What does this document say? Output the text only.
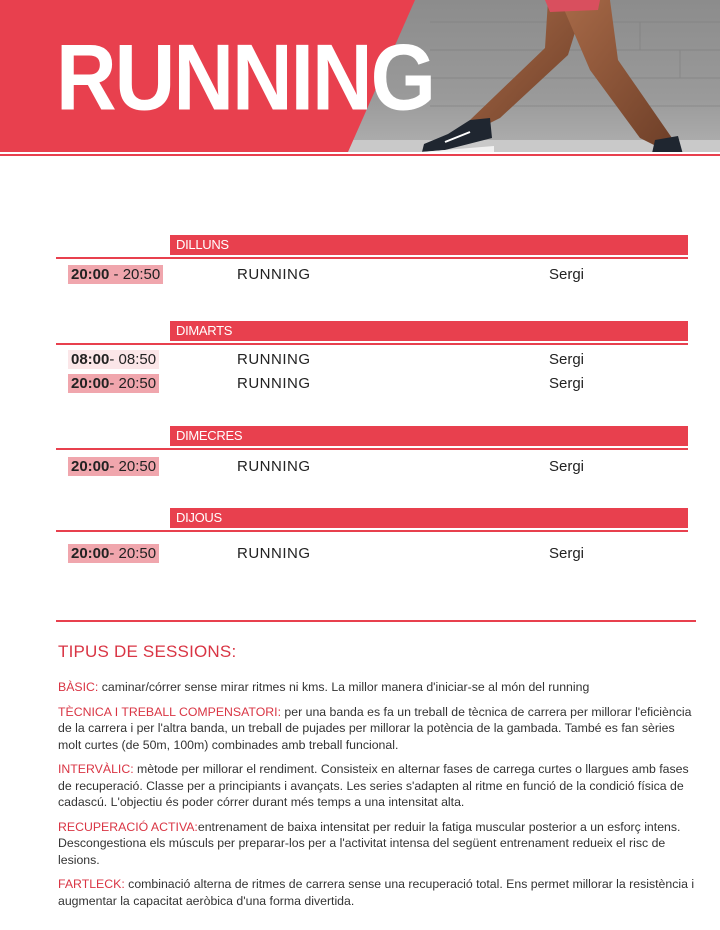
RUNNING
DILLUNS
20:00 - 20:50	RUNNING	Sergi
DIMARTS
08:00- 08:50	RUNNING	Sergi
20:00- 20:50	RUNNING	Sergi
DIMECRES
20:00- 20:50	RUNNING	Sergi
DIJOUS
20:00- 20:50	RUNNING	Sergi
TIPUS DE SESSIONS:

BÀSIC: caminar/córrer sense mirar ritmes ni kms. La millor manera d'iniciar-se al món del running

TÈCNICA I TREBALL COMPENSATORI: per una banda es fa un treball de tècnica de carrera per millorar l'eficiència de la carrera i per l'altra banda, un treball de pujades per millorar la potència de la gambada. També es fan sèries molt curtes (de 50m, 100m) combinades amb treball funcional.

INTERVÀLIC: mètode per millorar el rendiment. Consisteix en alternar fases de carrega curtes o llargues amb fases de recuperació. Classe per a principiants i avançats. Les series s'adapten al ritme en funció de la condició física de cadascú. L'objectiu és poder córrer durant més temps a una intensitat alta.

RECUPERACIÓ ACTIVA:entrenament de baixa intensitat per reduir la fatiga muscular posterior a un esforç intens. Descongestiona els músculs per preparar-los per a l'activitat intensa del següent entrenament redueix el risc de lesions.

FARTLECK: combinació alterna de ritmes de carrera sense una recuperació total. Ens permet millorar la resistència i augmentar la capacitat aeròbica d'una forma divertida.
